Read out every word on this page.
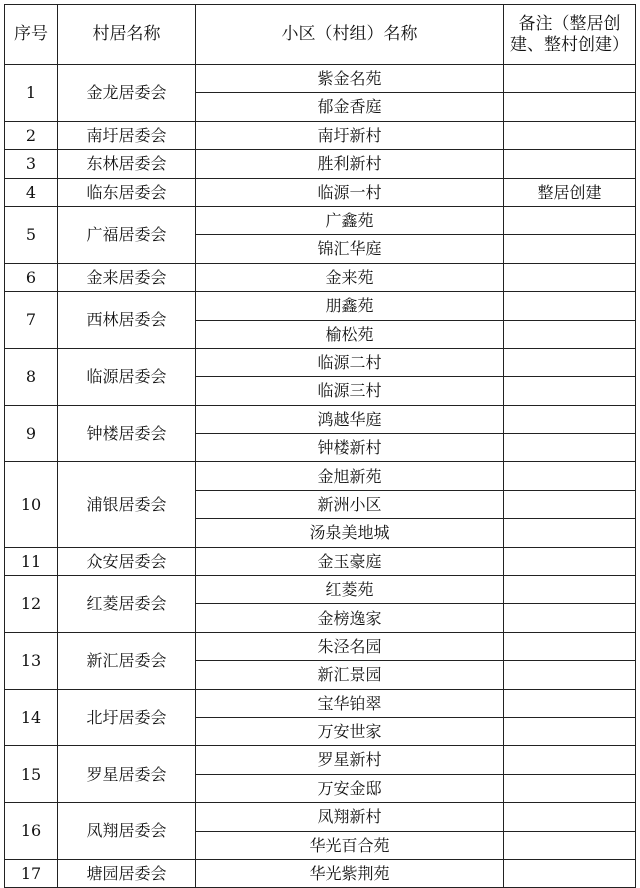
序号	村居名称	小区（村组）名称	备注（整居创建、整村创建）
1	金龙居委会	紫金名苑	
		郁金香庭	
2	南圩居委会	南圩新村	
3	东林居委会	胜利新村	
4	临东居委会	临源一村	整居创建
5	广福居委会	广鑫苑	
		锦汇华庭	
6	金来居委会	金来苑	
7	西林居委会	朋鑫苑	
		榆松苑	
8	临源居委会	临源二村	
		临源三村	
9	钟楼居委会	鸿越华庭	
		钟楼新村	
10	浦银居委会	金旭新苑	
		新洲小区	
		汤泉美地城	
11	众安居委会	金玉豪庭	
12	红菱居委会	红菱苑	
		金榜逸家	
13	新汇居委会	朱泾名园	
		新汇景园	
14	北圩居委会	宝华铂翠	
		万安世家	
15	罗星居委会	罗星新村	
		万安金邸	
16	凤翔居委会	凤翔新村	
		华光百合苑	
17	塘园居委会	华光紫荆苑	
